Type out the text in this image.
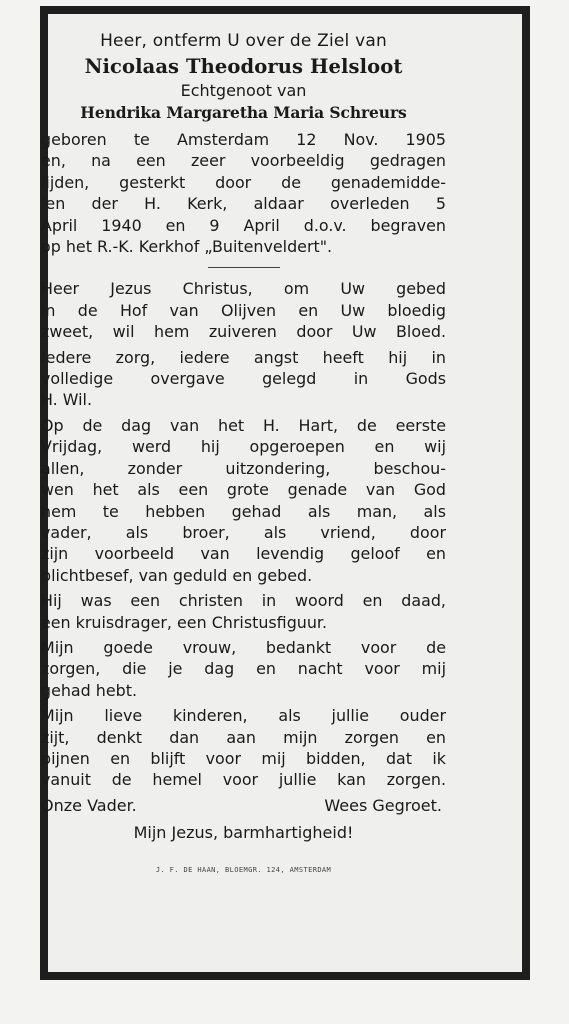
Heer, ontferm U over de Ziel van
Nicolaas Theodorus Helsloot
Echtgenoot van
Hendrika Margaretha Maria Schreurs
geboren te Amsterdam 12 Nov. 1905
en, na een zeer voorbeeldig gedragen
lijden, gesterkt door de genademidde-
len der H. Kerk, aldaar overleden 5
April 1940 en 9 April d.o.v. begraven
op het R.-K. Kerkhof „Buitenveldert".
Heer Jezus Christus, om Uw gebed
in de Hof van Olijven en Uw bloedig
zweet, wil hem zuiveren door Uw Bloed.
Iedere zorg, iedere angst heeft hij in
volledige overgave gelegd in Gods
H. Wil.
Op de dag van het H. Hart, de eerste
Vrijdag, werd hij opgeroepen en wij
allen, zonder uitzondering, beschou-
wen het als een grote genade van God
hem te hebben gehad als man, als
vader, als broer, als vriend, door
zijn voorbeeld van levendig geloof en
plichtbesef, van geduld en gebed.
Hij was een christen in woord en daad,
een kruisdrager, een Christusfiguur.
Mijn goede vrouw, bedankt voor de
zorgen, die je dag en nacht voor mij
gehad hebt.
Mijn lieve kinderen, als jullie ouder
zijt, denkt dan aan mijn zorgen en
pijnen en blijft voor mij bidden, dat ik
vanuit de hemel voor jullie kan zorgen.
Onze Vader.	Wees Gegroet.
Mijn Jezus, barmhartigheid!
J. F. DE HAAN, BLOEMGR. 124, AMSTERDAM
